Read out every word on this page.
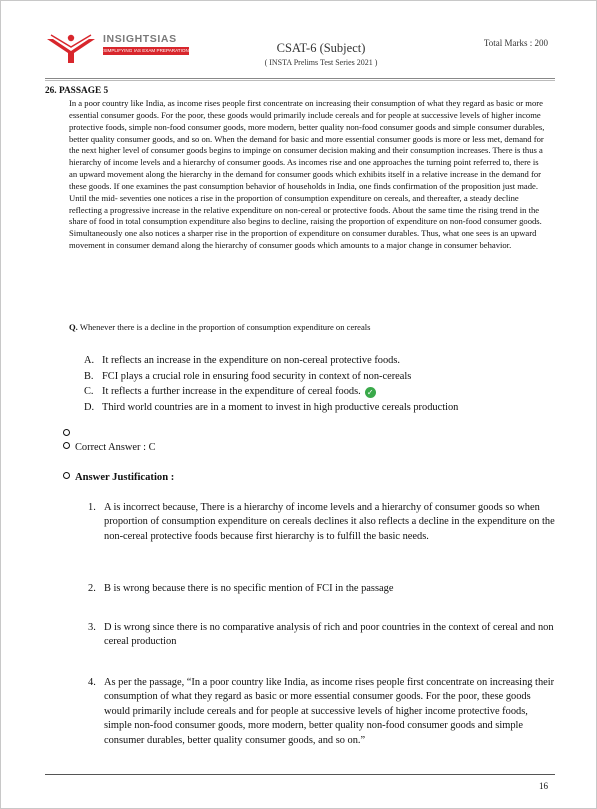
INSIGHTSIAS
SIMPLIFYING IAS EXAM PREPARATION	CSAT-6 (Subject)
( INSTA Prelims Test Series 2021 )
Total Marks : 200
26. PASSAGE 5

In a poor country like India, as income rises people first concentrate on increasing their consumption of what they regard as basic or more essential consumer goods. For the poor, these goods would primarily include cereals and for people at successive levels of higher income protective foods, simple non-food consumer goods, more modern, better quality non-food consumer goods and simple consumer durables, better quality consumer goods, and so on. When the demand for basic and more essential consumer goods is more or less met, demand for the next higher level of consumer goods begins to impinge on consumer decision making and their consumption increases. There is thus a hierarchy of income levels and a hierarchy of consumer goods. As incomes rise and one approaches the turning point referred to, there is an upward movement along the hierarchy in the demand for consumer goods which exhibits itself in a relative increase in the demand for these goods. If one examines the past consumption behavior of households in India, one finds confirmation of the proposition just made. Until the mid- seventies one notices a rise in the proportion of consumption expenditure on cereals, and thereafter, a steady decline reflecting a progressive increase in the relative expenditure on non-cereal or protective foods. About the same time the rising trend in the share of food in total consumption expenditure also begins to decline, raising the proportion of expenditure on non-food consumer goods. Simultaneously one also notices a sharper rise in the proportion of expenditure on consumer durables. Thus, what one sees is an upward movement in consumer demand along the hierarchy of consumer goods which amounts to a major change in consumer behavior.

Q. Whenever there is a decline in the proportion of consumption expenditure on cereals
A. It reflects an increase in the expenditure on non-cereal protective foods.
B. FCI plays a crucial role in ensuring food security in context of non-cereals
C. It reflects a further increase in the expenditure of cereal foods. ✓
D. Third world countries are in a moment to invest in high productive cereals production
Correct Answer : C
Answer Justification :
1. A is incorrect because, There is a hierarchy of income levels and a hierarchy of consumer goods so when proportion of consumption expenditure on cereals declines it also reflects a decline in the expenditure on the non-cereal protective foods because first hierarchy is to fulfill the basic needs.
2. B is wrong because there is no specific mention of FCI in the passage
3. D is wrong since there is no comparative analysis of rich and poor countries in the context of cereal and non cereal production
4. As per the passage, “In a poor country like India, as income rises people first concentrate on increasing their consumption of what they regard as basic or more essential consumer goods. For the poor, these goods would primarily include cereals and for people at successive levels of higher income protective foods, simple non-food consumer goods, more modern, better quality non-food consumer goods and simple consumer durables, better quality consumer goods, and so on.”
16
